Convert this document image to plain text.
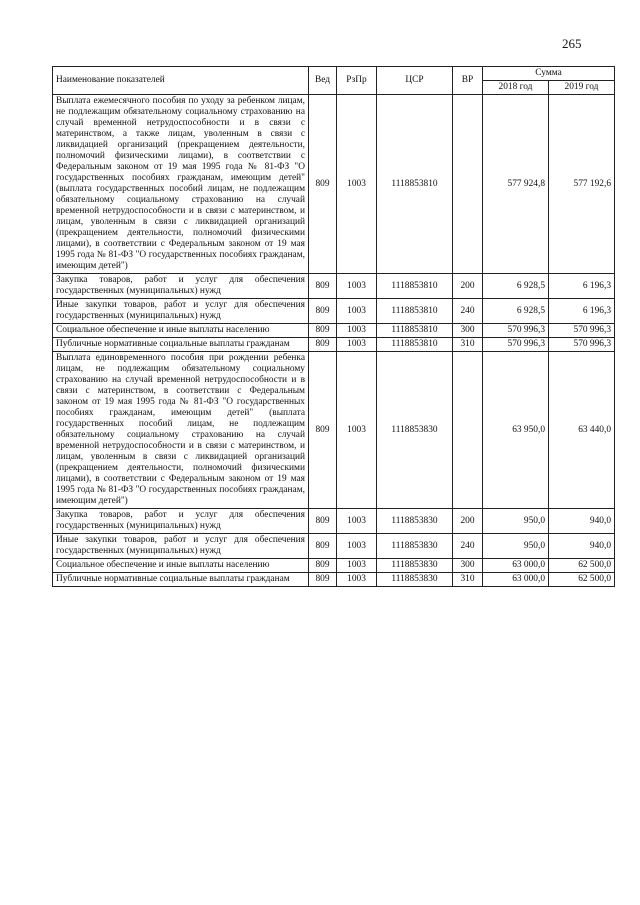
265
Наименование показателей	Вед	РзПр	ЦСР	ВР	Сумма	
					2018 год	2019 год
Выплата ежемесячного пособия по уходу за ребенком лицам, не подлежащим обязательному социальному страхованию на случай временной нетрудоспособности и в связи с материнством, а также лицам, уволенным в связи с ликвидацией организаций (прекращением деятельности, полномочий физическими лицами), в соответствии с Федеральным законом от 19 мая 1995 года № 81-ФЗ "О государственных пособиях гражданам, имеющим детей" (выплата государственных пособий лицам, не подлежащим обязательному социальному страхованию на случай временной нетрудоспособности и в связи с материнством, и лицам, уволенным в связи с ликвидацией организаций (прекращением деятельности, полномочий физическими лицами), в соответствии с Федеральным законом от 19 мая 1995 года № 81-ФЗ "О государственных пособиях гражданам, имеющим детей")	809	1003	1118853810		577 924,8	577 192,6
Закупка товаров, работ и услуг для обеспечения государственных (муниципальных) нужд	809	1003	1118853810	200	6 928,5	6 196,3
Иные закупки товаров, работ и услуг для обеспечения государственных (муниципальных) нужд	809	1003	1118853810	240	6 928,5	6 196,3
Социальное обеспечение и иные выплаты населению	809	1003	1118853810	300	570 996,3	570 996,3
Публичные нормативные социальные выплаты гражданам	809	1003	1118853810	310	570 996,3	570 996,3
Выплата единовременного пособия при рождении ребенка лицам, не подлежащим обязательному социальному страхованию на случай временной нетрудоспособности и в связи с материнством, в соответствии с Федеральным законом от 19 мая 1995 года № 81-ФЗ "О государственных пособиях гражданам, имеющим детей" (выплата государственных пособий лицам, не подлежащим обязательному социальному страхованию на случай временной нетрудоспособности и в связи с материнством, и лицам, уволенным в связи с ликвидацией организаций (прекращением деятельности, полномочий физическими лицами), в соответствии с Федеральным законом от 19 мая 1995 года № 81-ФЗ "О государственных пособиях гражданам, имеющим детей")	809	1003	1118853830		63 950,0	63 440,0
Закупка товаров, работ и услуг для обеспечения государственных (муниципальных) нужд	809	1003	1118853830	200	950,0	940,0
Иные закупки товаров, работ и услуг для обеспечения государственных (муниципальных) нужд	809	1003	1118853830	240	950,0	940,0
Социальное обеспечение и иные выплаты населению	809	1003	1118853830	300	63 000,0	62 500,0
Публичные нормативные социальные выплаты гражданам	809	1003	1118853830	310	63 000,0	62 500,0
